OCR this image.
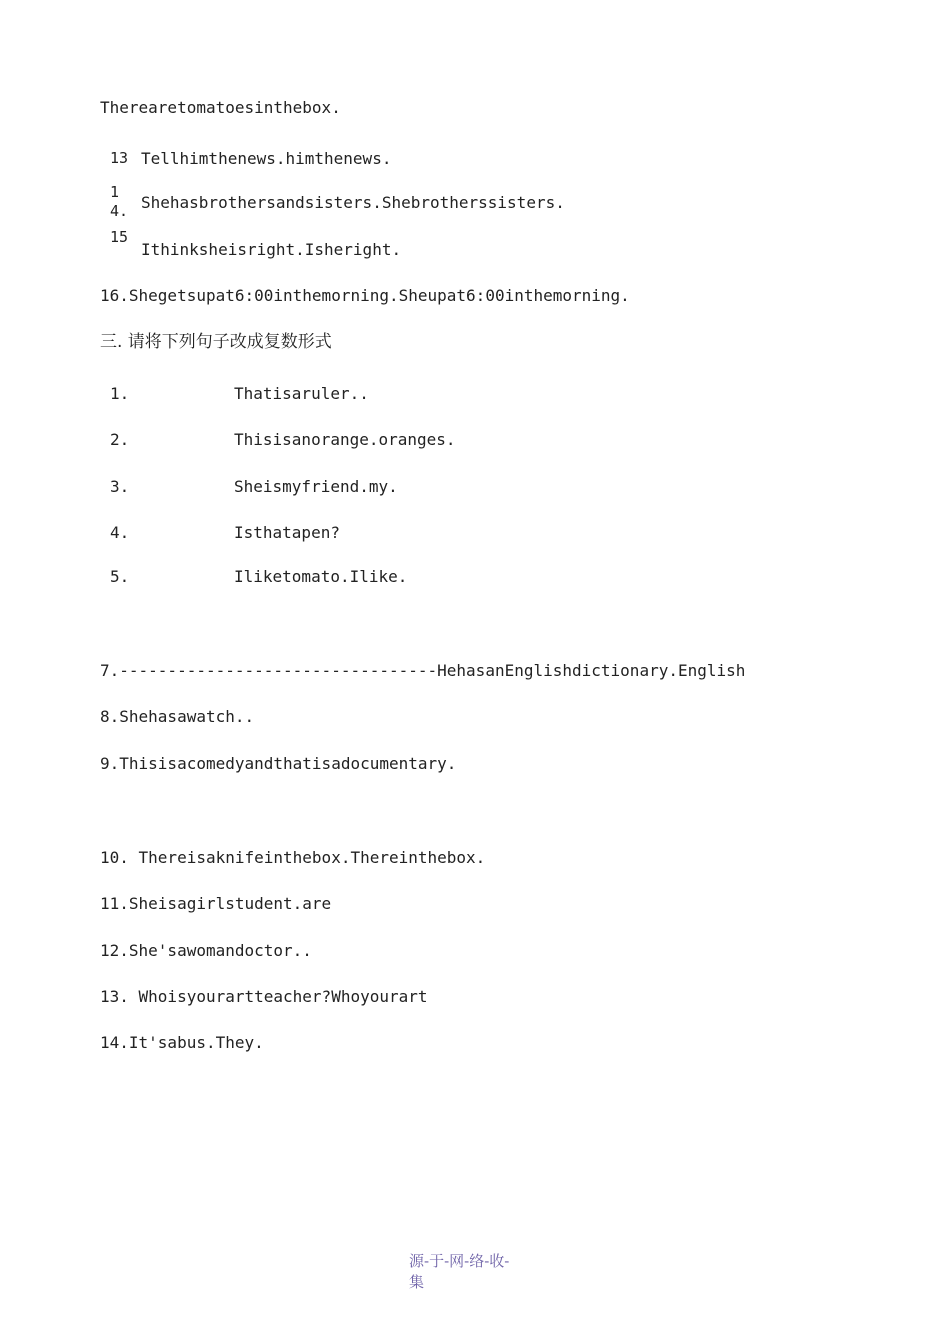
Therearetomatoesinthebox.
13 Tellhimthenews.himthenews.
14. Shehasbrothersandsisters.Shebrotherssisters.
15
Ithinksheisright.Isheright.
16.Shegetsupat6:00inthemorning.Sheupat6:00inthemorning.
三. 请将下列句子改成复数形式
1.	Thatisaruler..
2.	Thisisanorange.oranges.
3.	Sheismyfriend.my.
4.	Isthatapen?
5.	Iliketomato.Ilike.
7.---------------------------------HehasanEnglishdictionary.English
8.Shehasawatch..
9.Thisisacomedyandthatisadocumentary.
10. Thereisaknifeinthebox.Thereinthebox.
11.Sheisagirlstudent.are
12.She'sawomandoctor..
13. Whoisyourartteacher?Whoyourart
14.It'sabus.They.
源-于-网-络-收-
集
